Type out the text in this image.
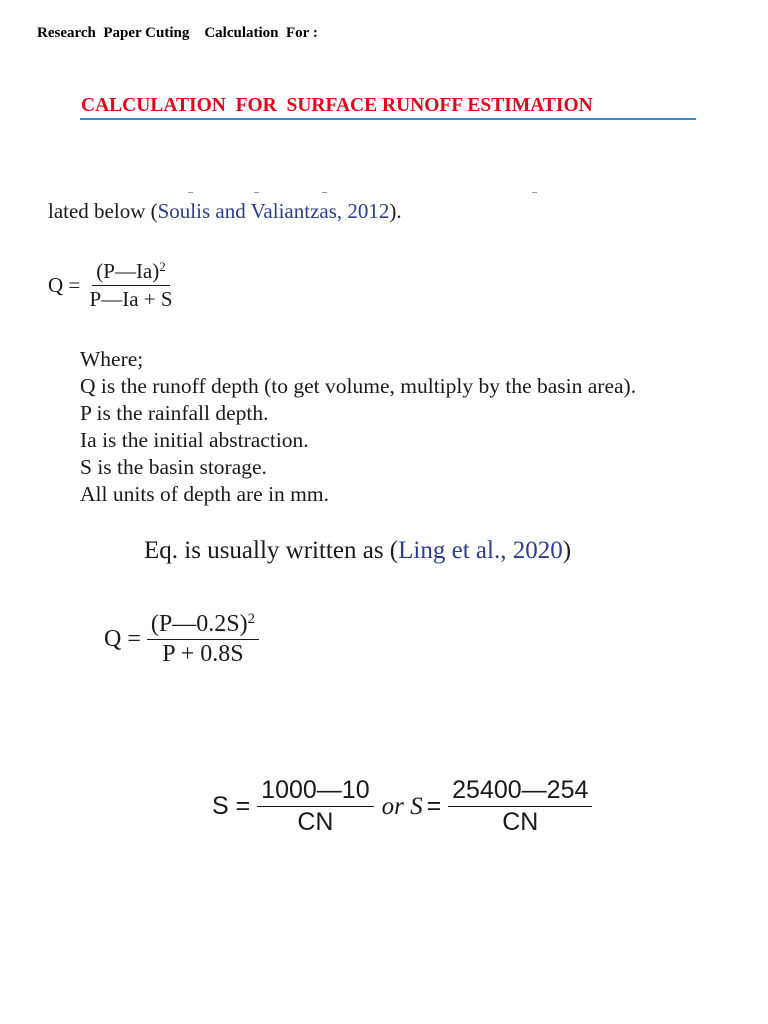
Research  Paper Cuting    Calculation  For :
CALCULATION  FOR  SURFACE RUNOFF ESTIMATION
lated below (Soulis and Valiantzas, 2012).
$Q = \frac{(P—Ia)^2}{P—Ia + S}$
Where;
Q is the runoff depth (to get volume, multiply by the basin area).
P is the rainfall depth.
Ia is the initial abstraction.
S is the basin storage.
All units of depth are in mm.
Eq. is usually written as (Ling et al., 2020)
$Q = \frac{(P—0.2S)^2}{P + 0.8S}$
$S = \frac{1000—10}{CN}$ or $S = \frac{25400—254}{CN}$
